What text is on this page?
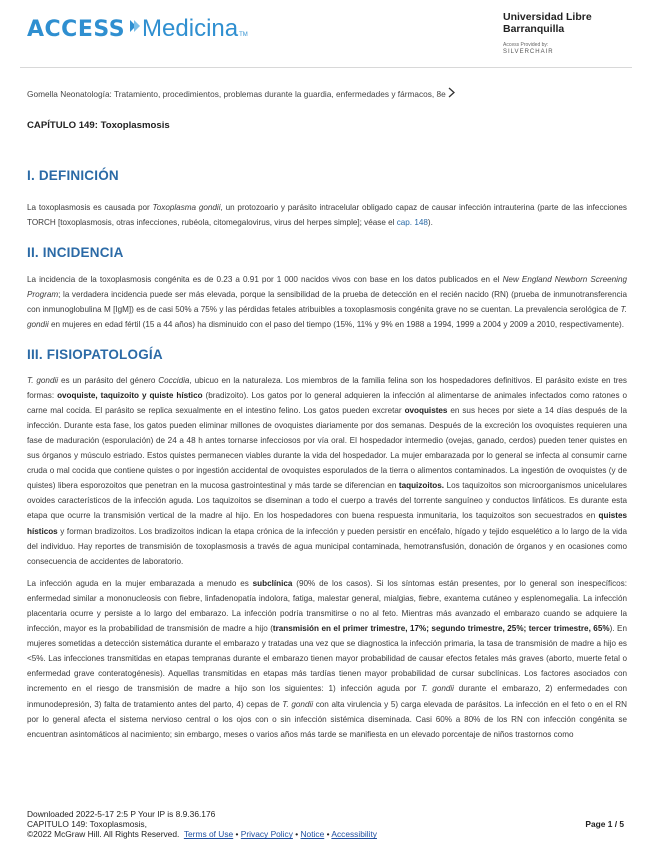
ACCESS Medicina TM
Universidad Libre Barranquilla
Access Provided by:
SILVERCHAIR
Gomella Neonatología: Tratamiento, procedimientos, problemas durante la guardia, enfermedades y fármacos, 8e
CAPÍTULO 149: Toxoplasmosis
I. DEFINICIÓN

La toxoplasmosis es causada por Toxoplasma gondii, un protozoario y parásito intracelular obligado capaz de causar infección intrauterina (parte de las infecciones TORCH [toxoplasmosis, otras infecciones, rubéola, citomegalovirus, virus del herpes simple]; véase el cap. 148).

II. INCIDENCIA

La incidencia de la toxoplasmosis congénita es de 0.23 a 0.91 por 1 000 nacidos vivos con base en los datos publicados en el New England Newborn Screening Program; la verdadera incidencia puede ser más elevada, porque la sensibilidad de la prueba de detección en el recién nacido (RN) (prueba de inmunotransferencia con inmunoglobulina M [IgM]) es de casi 50% a 75% y las pérdidas fetales atribuibles a toxoplasmosis congénita grave no se cuentan. La prevalencia serológica de T. gondii en mujeres en edad fértil (15 a 44 años) ha disminuido con el paso del tiempo (15%, 11% y 9% en 1988 a 1994, 1999 a 2004 y 2009 a 2010, respectivamente).

III. FISIOPATOLOGÍA

T. gondii es un parásito del género Coccidia, ubicuo en la naturaleza. Los miembros de la familia felina son los hospedadores definitivos. El parásito existe en tres formas: ovoquiste, taquizoito y quiste hístico (bradizoito). Los gatos por lo general adquieren la infección al alimentarse de animales infectados como ratones o carne mal cocida. El parásito se replica sexualmente en el intestino felino. Los gatos pueden excretar ovoquistes en sus heces por siete a 14 días después de la infección. Durante esta fase, los gatos pueden eliminar millones de ovoquistes diariamente por dos semanas. Después de la excreción los ovoquistes requieren una fase de maduración (esporulación) de 24 a 48 h antes tornarse infecciosos por vía oral. El hospedador intermedio (ovejas, ganado, cerdos) pueden tener quistes en sus órganos y músculo estriado. Estos quistes permanecen viables durante la vida del hospedador. La mujer embarazada por lo general se infecta al consumir carne cruda o mal cocida que contiene quistes o por ingestión accidental de ovoquistes esporulados de la tierra o alimentos contaminados. La ingestión de ovoquistes (y de quistes) libera esporozoitos que penetran en la mucosa gastrointestinal y más tarde se diferencian en taquizoitos. Los taquizoitos son microorganismos unicelulares ovoides característicos de la infección aguda. Los taquizoitos se diseminan a todo el cuerpo a través del torrente sanguíneo y conductos linfáticos. Es durante esta etapa que ocurre la transmisión vertical de la madre al hijo. En los hospedadores con buena respuesta inmunitaria, los taquizoitos son secuestrados en quistes hísticos y forman bradizoitos. Los bradizoitos indican la etapa crónica de la infección y pueden persistir en encéfalo, hígado y tejido esquelético a lo largo de la vida del individuo. Hay reportes de transmisión de toxoplasmosis a través de agua municipal contaminada, hemotransfusión, donación de órganos y en ocasiones como consecuencia de accidentes de laboratorio.

La infección aguda en la mujer embarazada a menudo es subclínica (90% de los casos). Si los síntomas están presentes, por lo general son inespecíficos: enfermedad similar a mononucleosis con fiebre, linfadenopatía indolora, fatiga, malestar general, mialgias, fiebre, exantema cutáneo y esplenomegalia. La infección placentaria ocurre y persiste a lo largo del embarazo. La infección podría transmitirse o no al feto. Mientras más avanzado el embarazo cuando se adquiere la infección, mayor es la probabilidad de transmisión de madre a hijo (transmisión en el primer trimestre, 17%; segundo trimestre, 25%; tercer trimestre, 65%). En mujeres sometidas a detección sistemática durante el embarazo y tratadas una vez que se diagnostica la infección primaria, la tasa de transmisión de madre a hijo es <5%. Las infecciones transmitidas en etapas tempranas durante el embarazo tienen mayor probabilidad de causar efectos fetales más graves (aborto, muerte fetal o enfermedad grave conteratogénesis). Aquellas transmitidas en etapas más tardías tienen mayor probabilidad de cursar subclínicas. Los factores asociados con incremento en el riesgo de transmisión de madre a hijo son los siguientes: 1) infección aguda por T. gondii durante el embarazo, 2) enfermedades con inmunodepresión, 3) falta de tratamiento antes del parto, 4) cepas de T. gondii con alta virulencia y 5) carga elevada de parásitos. La infección en el feto o en el RN por lo general afecta el sistema nervioso central o los ojos con o sin infección sistémica diseminada. Casi 60% a 80% de los RN con infección congénita se encuentran asintomáticos al nacimiento; sin embargo, meses o varios años más tarde se manifiesta en un elevado porcentaje de niños trastornos como

Downloaded 2022-5-17 2:5 P Your IP is 8.9.36.176
CAPITULO 149: Toxoplasmosis,
©2022 McGraw Hill. All Rights Reserved. Terms of Use • Privacy Policy • Notice • Accessibility
Page 1 / 5
